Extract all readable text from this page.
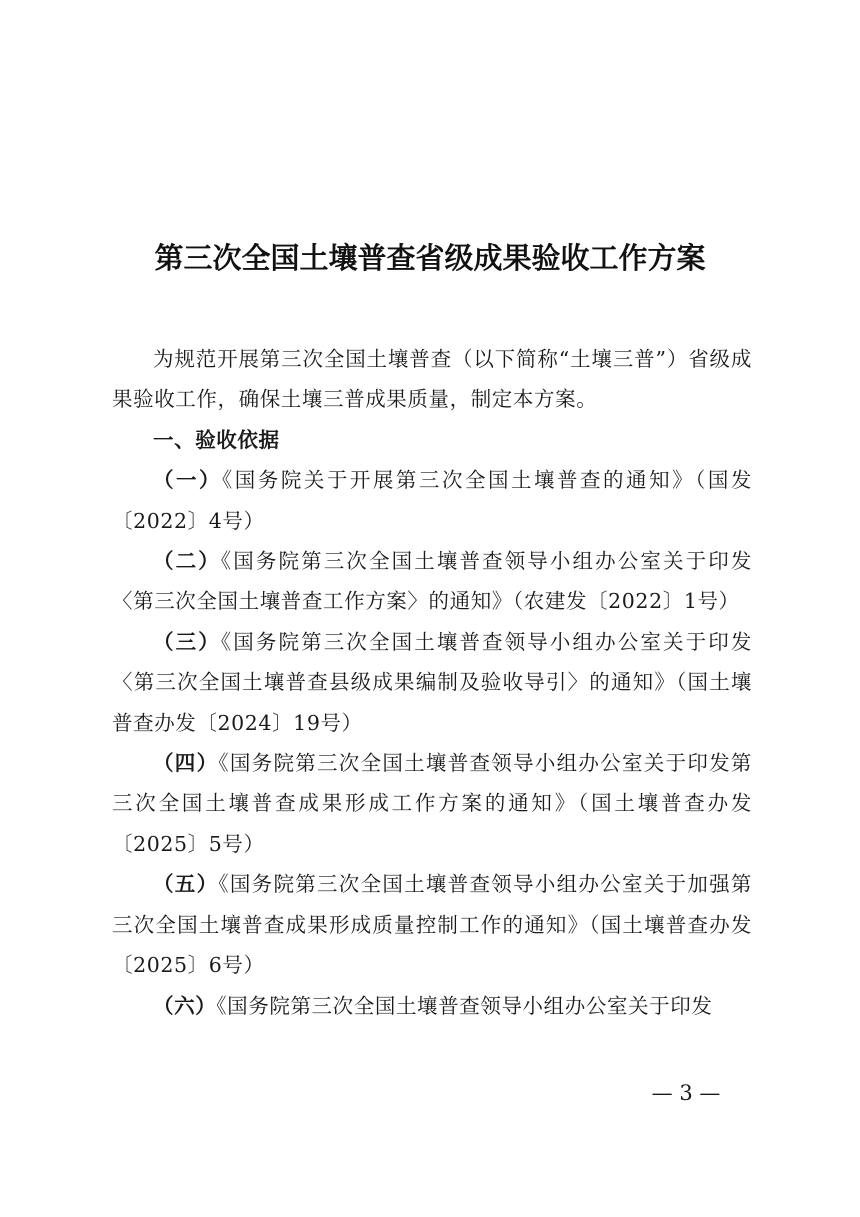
第三次全国土壤普查省级成果验收工作方案

为规范开展第三次全国土壤普查（以下简称“土壤三普”）省级成果验收工作，确保土壤三普成果质量，制定本方案。

一、验收依据

（一）《国务院关于开展第三次全国土壤普查的通知》（国发〔2022〕4号）

（二）《国务院第三次全国土壤普查领导小组办公室关于印发〈第三次全国土壤普查工作方案〉的通知》（农建发〔2022〕1号）

（三）《国务院第三次全国土壤普查领导小组办公室关于印发〈第三次全国土壤普查县级成果编制及验收导引〉的通知》（国土壤普查办发〔2024〕19号）

（四）《国务院第三次全国土壤普查领导小组办公室关于印发第三次全国土壤普查成果形成工作方案的通知》（国土壤普查办发〔2025〕5号）

（五）《国务院第三次全国土壤普查领导小组办公室关于加强第三次全国土壤普查成果形成质量控制工作的通知》（国土壤普查办发〔2025〕6号）

（六）《国务院第三次全国土壤普查领导小组办公室关于印发

— 3 —
